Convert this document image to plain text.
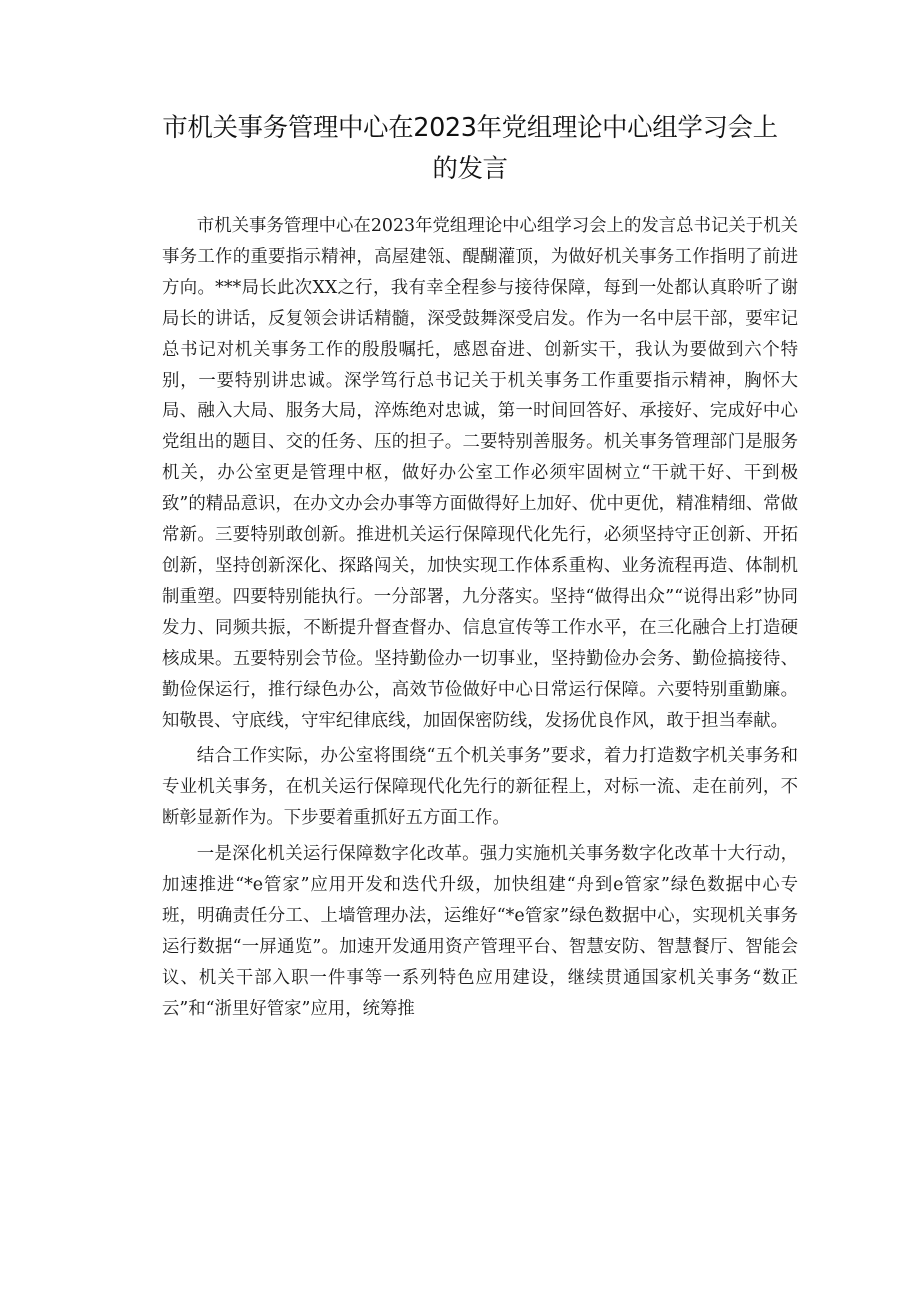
市机关事务管理中心在2023年党组理论中心组学习会上的发言

市机关事务管理中心在2023年党组理论中心组学习会上的发言总书记关于机关事务工作的重要指示精神，高屋建瓴、醍醐灌顶，为做好机关事务工作指明了前进方向。***局长此次XX之行，我有幸全程参与接待保障，每到一处都认真聆听了谢局长的讲话，反复领会讲话精髓，深受鼓舞深受启发。作为一名中层干部，要牢记总书记对机关事务工作的殷殷嘱托，感恩奋进、创新实干，我认为要做到六个特别，一要特别讲忠诚。深学笃行总书记关于机关事务工作重要指示精神，胸怀大局、融入大局、服务大局，淬炼绝对忠诚，第一时间回答好、承接好、完成好中心党组出的题目、交的任务、压的担子。二要特别善服务。机关事务管理部门是服务机关，办公室更是管理中枢，做好办公室工作必须牢固树立“干就干好、干到极致”的精品意识，在办文办会办事等方面做得好上加好、优中更优，精准精细、常做常新。三要特别敢创新。推进机关运行保障现代化先行，必须坚持守正创新、开拓创新，坚持创新深化、探路闯关，加快实现工作体系重构、业务流程再造、体制机制重塑。四要特别能执行。一分部署，九分落实。坚持“做得出众”“说得出彩”协同发力、同频共振，不断提升督查督办、信息宣传等工作水平，在三化融合上打造硬核成果。五要特别会节俭。坚持勤俭办一切事业，坚持勤俭办会务、勤俭搞接待、勤俭保运行，推行绿色办公，高效节俭做好中心日常运行保障。六要特别重勤廉。知敬畏、守底线，守牢纪律底线，加固保密防线，发扬优良作风，敢于担当奉献。

结合工作实际，办公室将围绕“五个机关事务”要求，着力打造数字机关事务和专业机关事务，在机关运行保障现代化先行的新征程上，对标一流、走在前列，不断彰显新作为。下步要着重抓好五方面工作。

一是深化机关运行保障数字化改革。强力实施机关事务数字化改革十大行动，加速推进“*e管家”应用开发和迭代升级，加快组建“舟到e管家”绿色数据中心专班，明确责任分工、上墙管理办法，运维好“*e管家”绿色数据中心，实现机关事务运行数据“一屏通览”。加速开发通用资产管理平台、智慧安防、智慧餐厅、智能会议、机关干部入职一件事等一系列特色应用建设，继续贯通国家机关事务“数正云”和“浙里好管家”应用，统筹推
